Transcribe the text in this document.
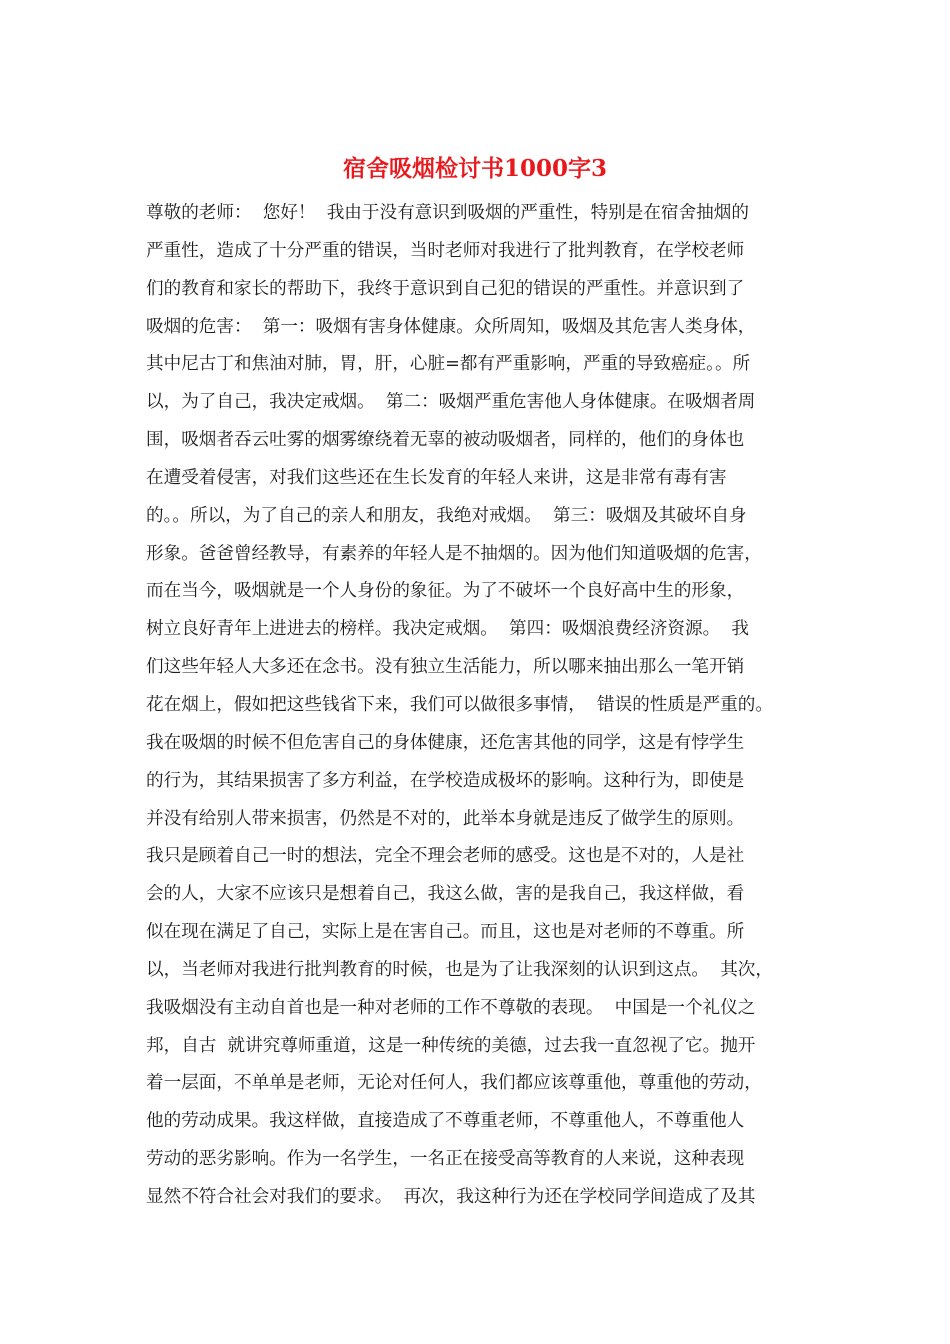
宿舍吸烟检讨书1000字3
尊敬的老师：  您好！  我由于没有意识到吸烟的严重性，特别是在宿舍抽烟的
严重性，造成了十分严重的错误，当时老师对我进行了批判教育，在学校老师
们的教育和家长的帮助下，我终于意识到自己犯的错误的严重性。并意识到了
吸烟的危害：  第一：吸烟有害身体健康。众所周知，吸烟及其危害人类身体，
其中尼古丁和焦油对肺，胃，肝，心脏=都有严重影响，严重的导致癌症。。所
以，为了自己，我决定戒烟。  第二：吸烟严重危害他人身体健康。在吸烟者周
围，吸烟者吞云吐雾的烟雾缭绕着无辜的被动吸烟者，同样的，他们的身体也
在遭受着侵害，对我们这些还在生长发育的年轻人来讲，这是非常有毒有害
的。。所以，为了自己的亲人和朋友，我绝对戒烟。  第三：吸烟及其破坏自身
形象。爸爸曾经教导，有素养的年轻人是不抽烟的。因为他们知道吸烟的危害，
而在当今，吸烟就是一个人身份的象征。为了不破坏一个良好高中生的形象，
树立良好青年上进进去的榜样。我决定戒烟。  第四：吸烟浪费经济资源。  我
们这些年轻人大多还在念书。没有独立生活能力，所以哪来抽出那么一笔开销
花在烟上，假如把这些钱省下来，我们可以做很多事情，  错误的性质是严重的。
我在吸烟的时候不但危害自己的身体健康，还危害其他的同学，这是有悖学生
的行为，其结果损害了多方利益，在学校造成极坏的影响。这种行为，即使是
并没有给别人带来损害，仍然是不对的，此举本身就是违反了做学生的原则。
我只是顾着自己一时的想法，完全不理会老师的感受。这也是不对的，人是社
会的人，大家不应该只是想着自己，我这么做，害的是我自己，我这样做，看
似在现在满足了自己，实际上是在害自己。而且，这也是对老师的不尊重。所
以，当老师对我进行批判教育的时候，也是为了让我深刻的认识到这点。  其次，
我吸烟没有主动自首也是一种对老师的工作不尊敬的表现。  中国是一个礼仪之
邦，自古  就讲究尊师重道，这是一种传统的美德，过去我一直忽视了它。抛开
着一层面，不单单是老师，无论对任何人，我们都应该尊重他，尊重他的劳动，
他的劳动成果。我这样做，直接造成了不尊重老师，不尊重他人，不尊重他人
劳动的恶劣影响。作为一名学生，一名正在接受高等教育的人来说，这种表现
显然不符合社会对我们的要求。  再次，我这种行为还在学校同学间造成了及其
